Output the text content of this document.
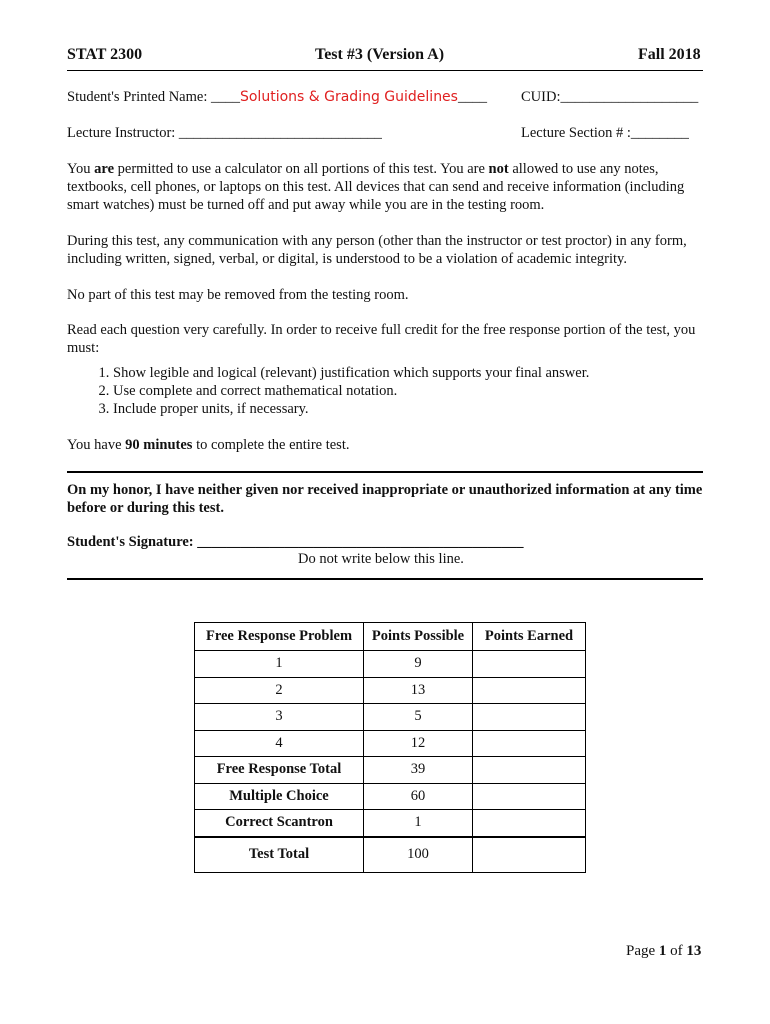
STAT 2300	Test #3 (Version A)	Fall 2018
Student's Printed Name: ____Solutions & Grading Guidelines____ CUID:___________________
Lecture Instructor: ____________________________	Lecture Section # :________
You are permitted to use a calculator on all portions of this test. You are not allowed to use any notes, textbooks, cell phones, or laptops on this test. All devices that can send and receive information (including smart watches) must be turned off and put away while you are in the testing room.
During this test, any communication with any person (other than the instructor or test proctor) in any form, including written, signed, verbal, or digital, is understood to be a violation of academic integrity.
No part of this test may be removed from the testing room.
Read each question very carefully. In order to receive full credit for the free response portion of the test, you must:
1. Show legible and logical (relevant) justification which supports your final answer.
2. Use complete and correct mathematical notation.
3. Include proper units, if necessary.
You have 90 minutes to complete the entire test.
On my honor, I have neither given nor received inappropriate or unauthorized information at any time before or during this test.
Student's Signature: _____________________________________________
Do not write below this line.
Free Response Problem	Points Possible	Points Earned
1	9	
2	13	
3	5	
4	12	
Free Response Total	39	
Multiple Choice	60	
Correct Scantron	1	
Test Total	100	
Page 1 of 13
